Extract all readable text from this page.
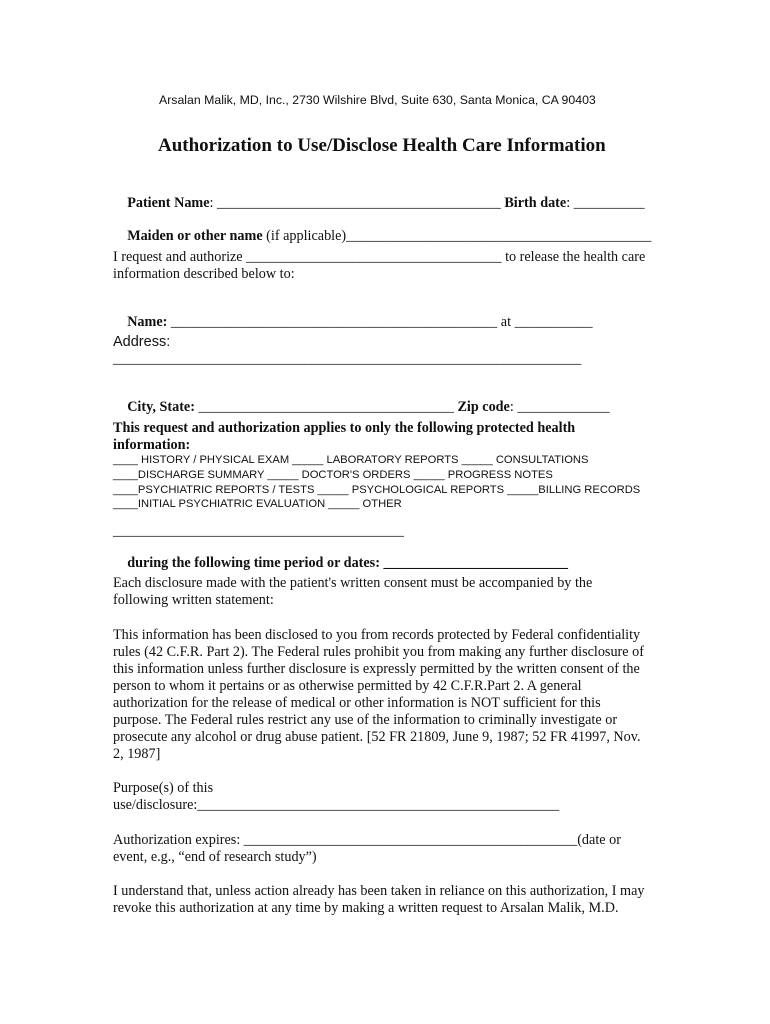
Arsalan Malik, MD, Inc., 2730 Wilshire Blvd, Suite 630, Santa Monica, CA 90403
Authorization to Use/Disclose Health Care Information

Patient Name: ________________________________________ Birth date: __________

Maiden or other name (if applicable)___________________________________________

I request and authorize ____________________________________ to release the health care
information described below to:

Name: ______________________________________________ at ___________

Address:
__________________________________________________________________

City, State: ____________________________________ Zip code: _____________

This request and authorization applies to only the following protected health
information:
____ HISTORY / PHYSICAL EXAM _____ LABORATORY REPORTS _____ CONSULTATIONS
____DISCHARGE SUMMARY _____ DOCTOR'S ORDERS _____ PROGRESS NOTES
____PSYCHIATRIC REPORTS / TESTS _____ PSYCHOLOGICAL REPORTS _____BILLING RECORDS
____INITIAL PSYCHIATRIC EVALUATION _____ OTHER
_________________________________________

during the following time period or dates: __________________________

Each disclosure made with the patient's written consent must be accompanied by the
following written statement:
This information has been disclosed to you from records protected by Federal confidentiality
rules (42 C.F.R. Part 2). The Federal rules prohibit you from making any further disclosure of
this information unless further disclosure is expressly permitted by the written consent of the
person to whom it pertains or as otherwise permitted by 42 C.F.R.Part 2. A general
authorization for the release of medical or other information is NOT sufficient for this
purpose. The Federal rules restrict any use of the information to criminally investigate or
prosecute any alcohol or drug abuse patient. [52 FR 21809, June 9, 1987; 52 FR 41997, Nov.
2, 1987]
Purpose(s) of this
use/disclosure:___________________________________________________
Authorization expires: _______________________________________________(date or
event, e.g., “end of research study”)
I understand that, unless action already has been taken in reliance on this authorization, I may
revoke this authorization at any time by making a written request to Arsalan Malik, M.D.
